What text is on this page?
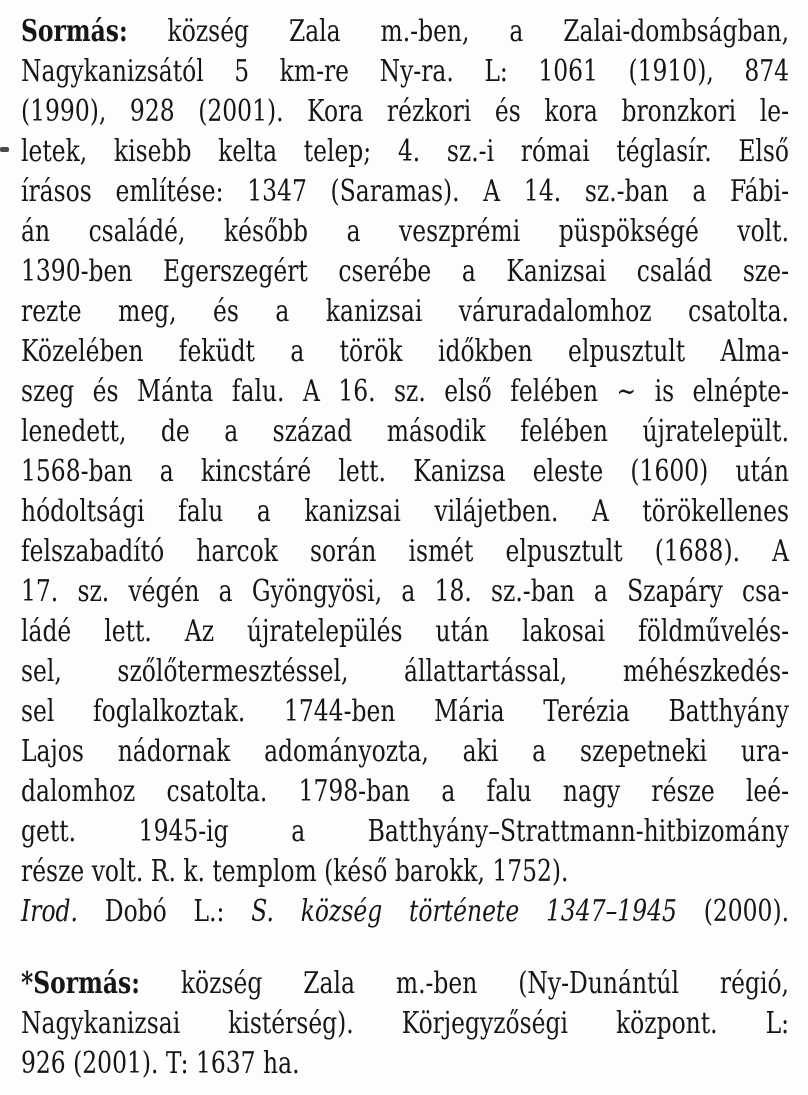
Sormás: község Zala m.-ben, a Zalai-dombságban,
Nagykanizsától 5 km-re Ny-ra. L: 1061 (1910), 874
(1990), 928 (2001). Kora rézkori és kora bronzkori le-
letek, kisebb kelta telep; 4. sz.-i római téglasír. Első
írásos említése: 1347 (Saramas). A 14. sz.-ban a Fábi-
án családé, később a veszprémi püspökségé volt.
1390-ben Egerszegért cserébe a Kanizsai család sze-
rezte meg, és a kanizsai váruradalomhoz csatolta.
Közelében feküdt a török időkben elpusztult Alma-
szeg és Mánta falu. A 16. sz. első felében ~ is elnépte-
lenedett, de a század második felében újratelepült.
1568-ban a kincstáré lett. Kanizsa eleste (1600) után
hódoltsági falu a kanizsai vilájetben. A törökellenes
felszabadító harcok során ismét elpusztult (1688). A
17. sz. végén a Gyöngyösi, a 18. sz.-ban a Szapáry csa-
ládé lett. Az újratelepülés után lakosai földművelés-
sel, szőlőtermesztéssel, állattartással, méhészkedés-
sel foglalkoztak. 1744-ben Mária Terézia Batthyány
Lajos nádornak adományozta, aki a szepetneki ura-
dalomhoz csatolta. 1798-ban a falu nagy része leé-
gett. 1945-ig a Batthyány–Strattmann-hitbizomány
része volt. R. k. templom (késő barokk, 1752).
Irod. Dobó L.: S. község története 1347–1945 (2000).
*Sormás: község Zala m.-ben (Ny-Dunántúl régió,
Nagykanizsai kistérség). Körjegyzőségi központ. L:
926 (2001). T: 1637 ha.
